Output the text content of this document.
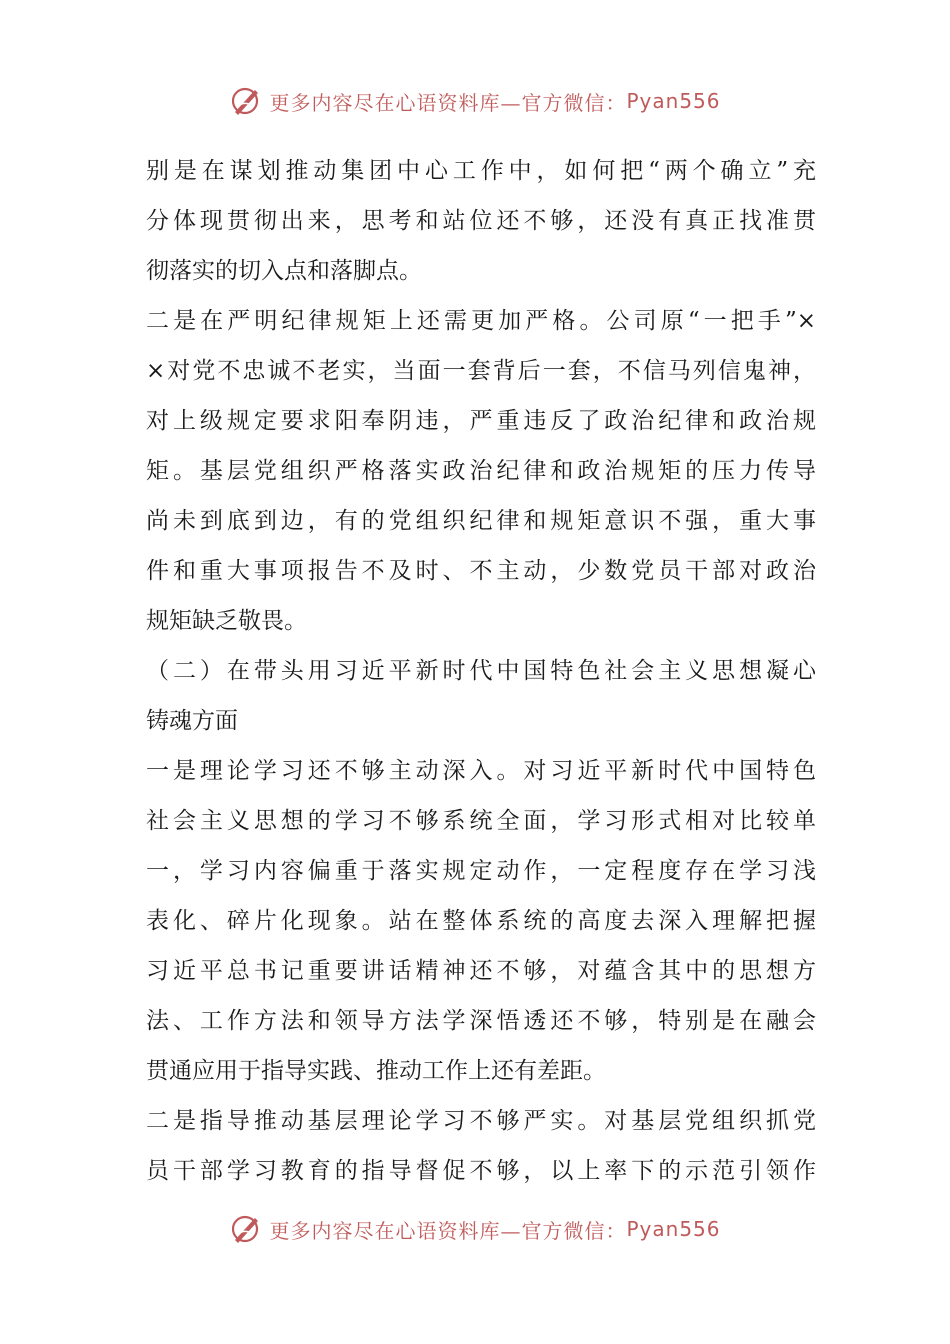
更多内容尽在心语资料库—官方微信： Pyan556
别是在谋划推动集团中心工作中，如何把“两个确立”充
分体现贯彻出来，思考和站位还不够，还没有真正找准贯
彻落实的切入点和落脚点。
二是在严明纪律规矩上还需更加严格。公司原“一把手”×
×对党不忠诚不老实，当面一套背后一套，不信马列信鬼神，
对上级规定要求阳奉阴违，严重违反了政治纪律和政治规
矩。基层党组织严格落实政治纪律和政治规矩的压力传导
尚未到底到边，有的党组织纪律和规矩意识不强，重大事
件和重大事项报告不及时、不主动，少数党员干部对政治
规矩缺乏敬畏。
（二）在带头用习近平新时代中国特色社会主义思想凝心
铸魂方面
一是理论学习还不够主动深入。对习近平新时代中国特色
社会主义思想的学习不够系统全面，学习形式相对比较单
一，学习内容偏重于落实规定动作，一定程度存在学习浅
表化、碎片化现象。站在整体系统的高度去深入理解把握
习近平总书记重要讲话精神还不够，对蕴含其中的思想方
法、工作方法和领导方法学深悟透还不够，特别是在融会
贯通应用于指导实践、推动工作上还有差距。
二是指导推动基层理论学习不够严实。对基层党组织抓党
员干部学习教育的指导督促不够，以上率下的示范引领作
更多内容尽在心语资料库—官方微信： Pyan556
